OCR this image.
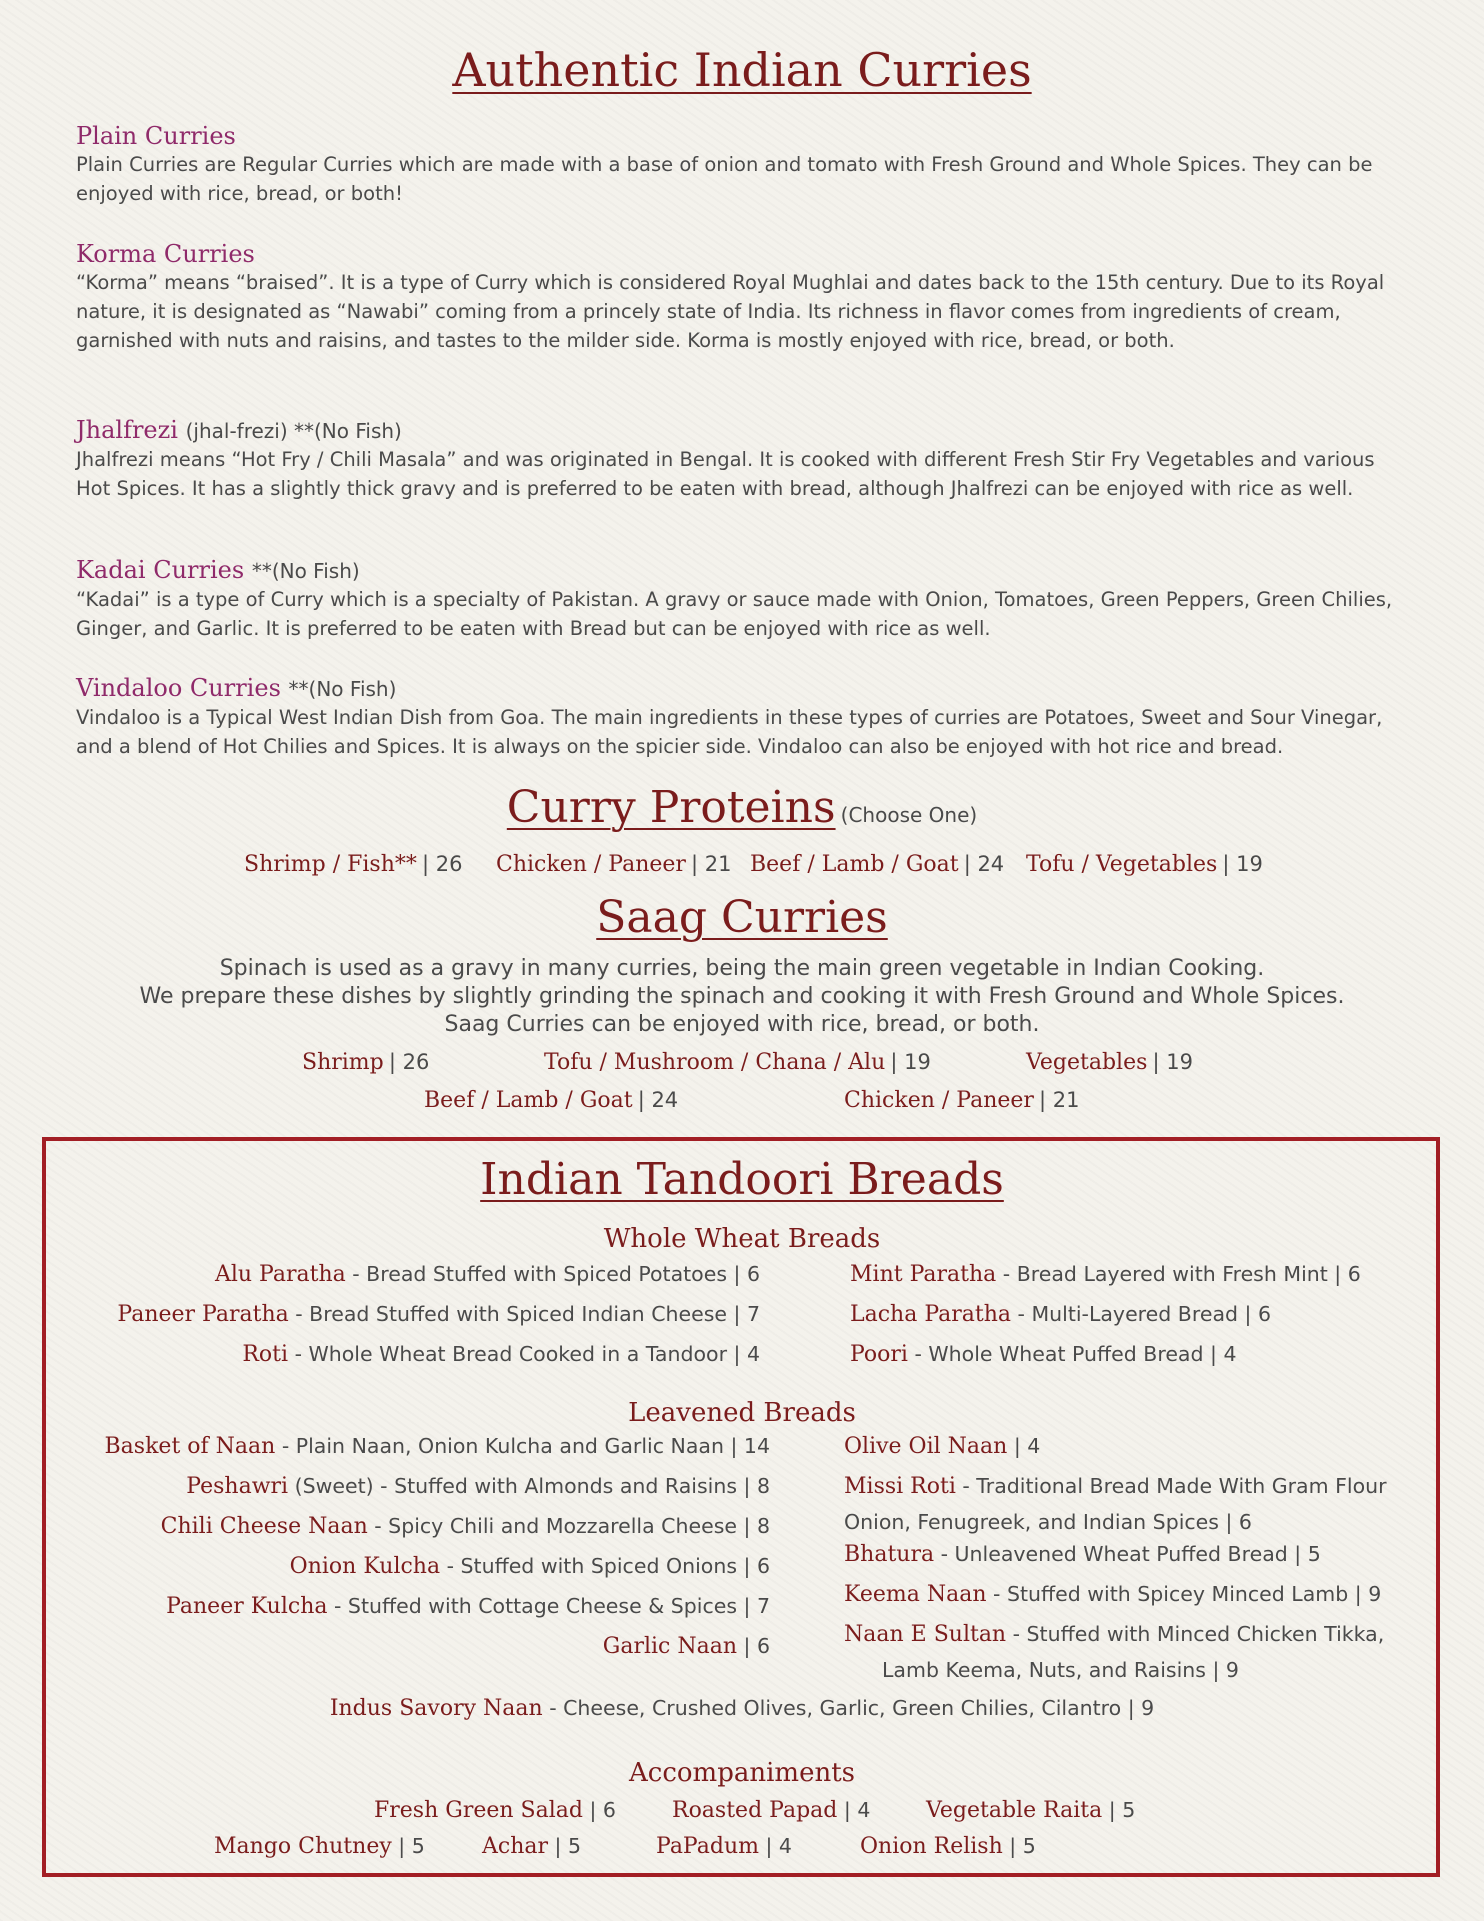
Authentic Indian Curries
Plain Curries
Plain Curries are Regular Curries which are made with a base of onion and tomato with Fresh Ground and Whole Spices. They can be enjoyed with rice, bread, or both!
Korma Curries
“Korma” means “braised”. It is a type of Curry which is considered Royal Mughlai and dates back to the 15th century. Due to its Royal nature, it is designated as “Nawabi” coming from a princely state of India. Its richness in flavor comes from ingredients of cream, garnished with nuts and raisins, and tastes to the milder side. Korma is mostly enjoyed with rice, bread, or both.
Jhalfrezi (jhal-frezi) **(No Fish)
Jhalfrezi means “Hot Fry / Chili Masala” and was originated in Bengal. It is cooked with different Fresh Stir Fry Vegetables and various Hot Spices. It has a slightly thick gravy and is preferred to be eaten with bread, although Jhalfrezi can be enjoyed with rice as well.
Kadai Curries **(No Fish)
“Kadai” is a type of Curry which is a specialty of Pakistan. A gravy or sauce made with Onion, Tomatoes, Green Peppers, Green Chilies, Ginger, and Garlic. It is preferred to be eaten with Bread but can be enjoyed with rice as well.
Vindaloo Curries **(No Fish)
Vindaloo is a Typical West Indian Dish from Goa. The main ingredients in these types of curries are Potatoes, Sweet and Sour Vinegar, and a blend of Hot Chilies and Spices. It is always on the spicier side. Vindaloo can also be enjoyed with hot rice and bread.
Curry Proteins (Choose One)
Shrimp / Fish** | 26 Chicken / Paneer | 21 Beef / Lamb / Goat | 24 Tofu / Vegetables | 19
Saag Curries
Spinach is used as a gravy in many curries, being the main green vegetable in Indian Cooking.
We prepare these dishes by slightly grinding the spinach and cooking it with Fresh Ground and Whole Spices.
Saag Curries can be enjoyed with rice, bread, or both.
Shrimp | 26	Tofu / Mushroom / Chana / Alu | 19	Vegetables | 19
Beef / Lamb / Goat | 24	Chicken / Paneer | 21
Indian Tandoori Breads
Whole Wheat Breads
Alu Paratha - Bread Stuffed with Spiced Potatoes | 6
Paneer Paratha - Bread Stuffed with Spiced Indian Cheese | 7
Roti - Whole Wheat Bread Cooked in a Tandoor | 4
Mint Paratha - Bread Layered with Fresh Mint | 6
Lacha Paratha - Multi-Layered Bread | 6
Poori - Whole Wheat Puffed Bread | 4
Leavened Breads
Basket of Naan - Plain Naan, Onion Kulcha and Garlic Naan | 14
Peshawri (Sweet) - Stuffed with Almonds and Raisins | 8
Chili Cheese Naan - Spicy Chili and Mozzarella Cheese | 8
Onion Kulcha - Stuffed with Spiced Onions | 6
Paneer Kulcha - Stuffed with Cottage Cheese & Spices | 7
Garlic Naan | 6
Olive Oil Naan | 4
Missi Roti - Traditional Bread Made With Gram Flour
Onion, Fenugreek, and Indian Spices | 6
Bhatura - Unleavened Wheat Puffed Bread | 5
Keema Naan - Stuffed with Spicey Minced Lamb | 9
Naan E Sultan - Stuffed with Minced Chicken Tikka,
Lamb Keema, Nuts, and Raisins | 9
Indus Savory Naan - Cheese, Crushed Olives, Garlic, Green Chilies, Cilantro | 9
Accompaniments
Fresh Green Salad | 6	Roasted Papad | 4	Vegetable Raita | 5
Mango Chutney | 5	Achar | 5	PaPadum | 4	Onion Relish | 5
